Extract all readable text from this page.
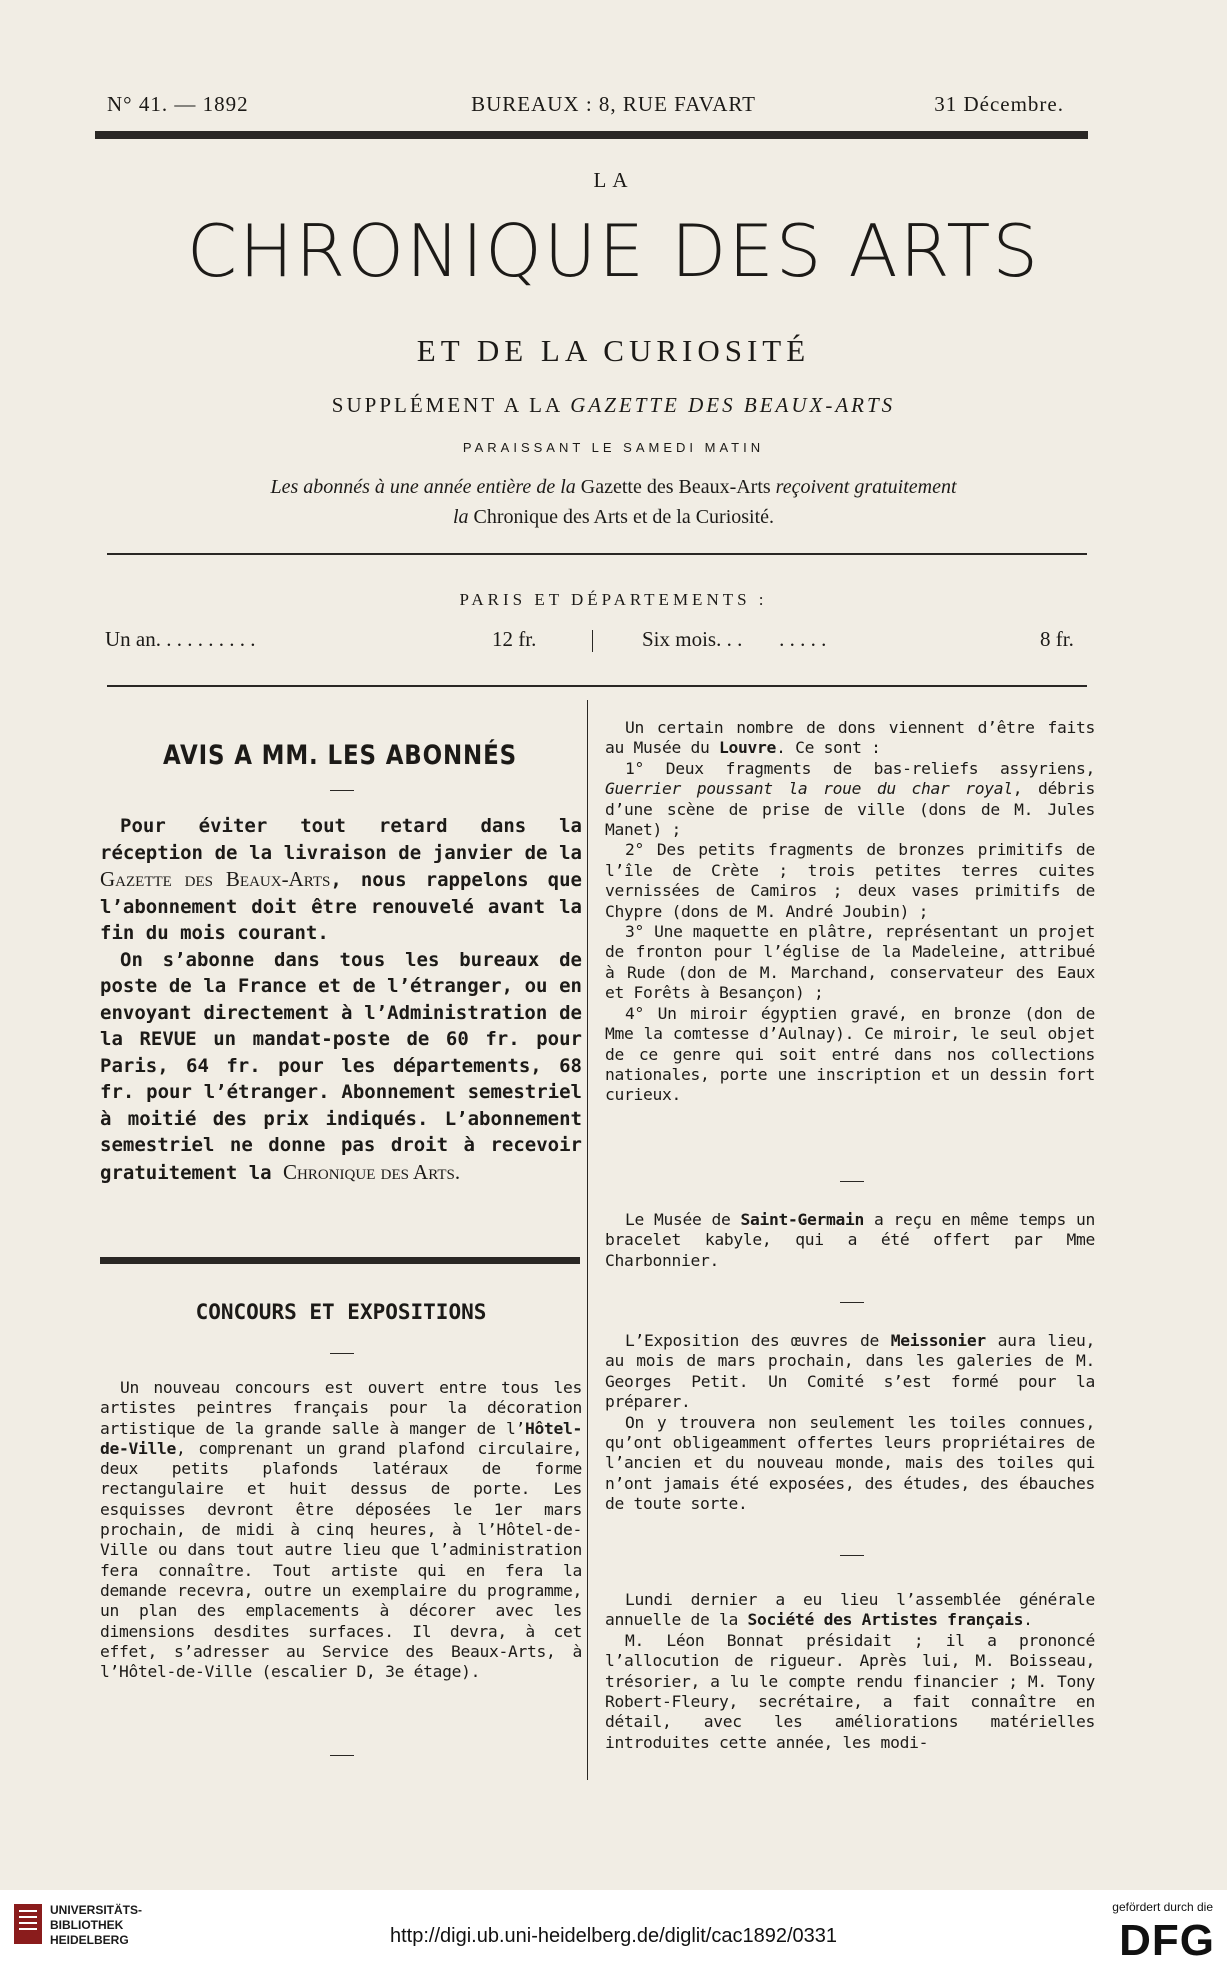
N° 41. — 1892	BUREAUX : 8, RUE FAVART	31 Décembre.
LA
CHRONIQUE DES ARTS
ET DE LA CURIOSITÉ
SUPPLÉMENT A LA GAZETTE DES BEAUX-ARTS
PARAISSANT LE SAMEDI MATIN
Les abonnés à une année entière de la Gazette des Beaux-Arts reçoivent gratuitement
la Chronique des Arts et de la Curiosité.
PARIS ET DÉPARTEMENTS :
Un an. . . . . . . . . .	12 fr.	Six mois. . .       . . . . .	8 fr.
AVIS A MM. LES ABONNÉS

Pour éviter tout retard dans la réception de la livraison de janvier de la Gazette des Beaux-Arts, nous rappelons que l’abonnement doit être renouvelé avant la fin du mois courant.

On s’abonne dans tous les bureaux de poste de la France et de l’étranger, ou en envoyant directement à l’Administration de la REVUE un mandat-poste de 60 fr. pour Paris, 64 fr. pour les départements, 68 fr. pour l’étranger. Abonnement semestriel à moitié des prix indiqués. L’abonnement semestriel ne donne pas droit à recevoir gratuitement la Chronique des Arts.

CONCOURS ET EXPOSITIONS

Un nouveau concours est ouvert entre tous les artistes peintres français pour la décoration artistique de la grande salle à manger de l’Hôtel-de-Ville, comprenant un grand plafond circulaire, deux petits plafonds latéraux de forme rectangulaire et huit dessus de porte. Les esquisses devront être déposées le 1er mars prochain, de midi à cinq heures, à l’Hôtel-de-Ville ou dans tout autre lieu que l’administration fera connaître. Tout artiste qui en fera la demande recevra, outre un exemplaire du programme, un plan des emplacements à décorer avec les dimensions desdites surfaces. Il devra, à cet effet, s’adresser au Service des Beaux-Arts, à l’Hôtel-de-Ville (escalier D, 3e étage).

Un certain nombre de dons viennent d’être faits au Musée du Louvre. Ce sont :

1° Deux fragments de bas-reliefs assyriens, Guerrier poussant la roue du char royal, débris d’une scène de prise de ville (dons de M. Jules Manet) ;

2° Des petits fragments de bronzes primitifs de l’île de Crète ; trois petites terres cuites vernissées de Camiros ; deux vases primitifs de Chypre (dons de M. André Joubin) ;

3° Une maquette en plâtre, représentant un projet de fronton pour l’église de la Madeleine, attribué à Rude (don de M. Marchand, conservateur des Eaux et Forêts à Besançon) ;

4° Un miroir égyptien gravé, en bronze (don de Mme la comtesse d’Aulnay). Ce miroir, le seul objet de ce genre qui soit entré dans nos collections nationales, porte une inscription et un dessin fort curieux.

Le Musée de Saint-Germain a reçu en même temps un bracelet kabyle, qui a été offert par Mme Charbonnier.

L’Exposition des œuvres de Meissonier aura lieu, au mois de mars prochain, dans les galeries de M. Georges Petit. Un Comité s’est formé pour la préparer.

On y trouvera non seulement les toiles connues, qu’ont obligeamment offertes leurs propriétaires de l’ancien et du nouveau monde, mais des toiles qui n’ont jamais été exposées, des études, des ébauches de toute sorte.

Lundi dernier a eu lieu l’assemblée générale annuelle de la Société des Artistes français.

M. Léon Bonnat présidait ; il a prononcé l’allocution de rigueur. Après lui, M. Boisseau, trésorier, a lu le compte rendu financier ; M. Tony Robert-Fleury, secrétaire, a fait connaître en détail, avec les améliorations matérielles introduites cette année, les modi-

UNIVERSITÄTS-
BIBLIOTHEK
HEIDELBERG	http://digi.ub.uni-heidelberg.de/diglit/cac1892/0331
gefördert durch die
DFG
